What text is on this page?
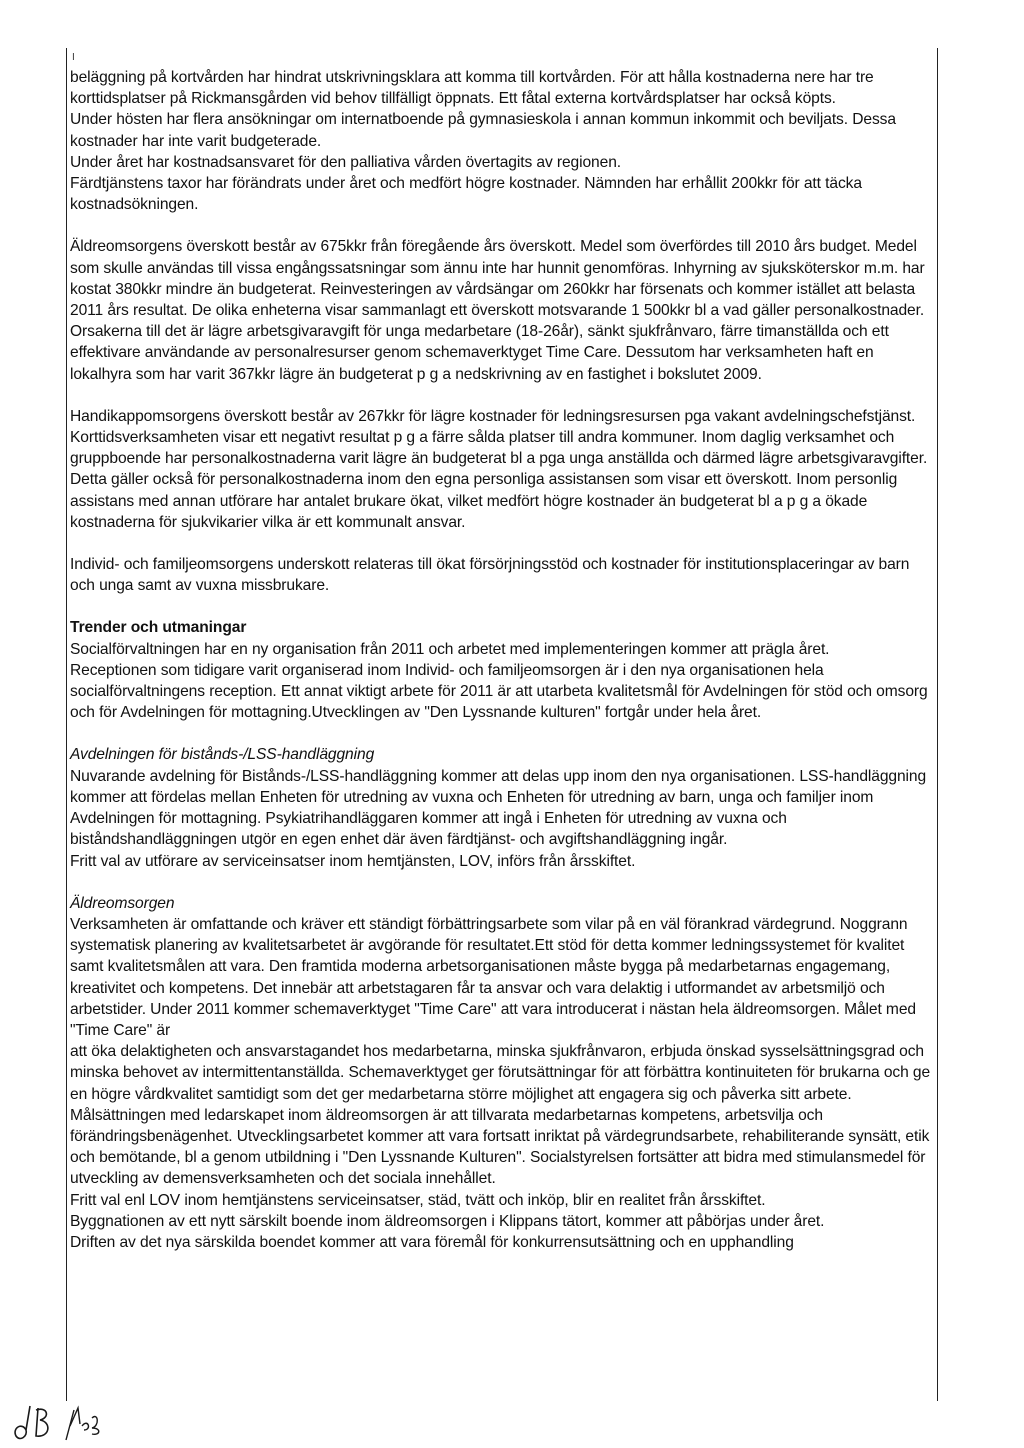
I

beläggning på kortvården har hindrat utskrivningsklara att komma till kortvården. För att hålla kostnaderna nere har tre korttidsplatser på Rickmansgården vid behov tillfälligt öppnats. Ett fåtal externa kortvårdsplatser har också köpts.

Under hösten har flera ansökningar om internatboende på gymnasieskola i annan kommun inkommit och beviljats. Dessa kostnader har inte varit budgeterade.

Under året har kostnadsansvaret för den palliativa vården övertagits av regionen.

Färdtjänstens taxor har förändrats under året och medfört högre kostnader. Nämnden har erhållit 200kkr för att täcka kostnadsökningen.

Äldreomsorgens överskott består av 675kkr från föregående års överskott. Medel som överfördes till 2010 års budget. Medel som skulle användas till vissa engångssatsningar som ännu inte har hunnit genomföras. Inhyrning av sjuksköterskor m.m. har kostat 380kkr mindre än budgeterat. Reinvesteringen av vårdsängar om 260kkr har försenats och kommer istället att belasta 2011 års resultat. De olika enheterna visar sammanlagt ett överskott motsvarande 1 500kkr bl a vad gäller personalkostnader. Orsakerna till det är lägre arbetsgivaravgift för unga medarbetare (18-26år), sänkt sjukfrånvaro, färre timanställda och ett effektivare användande av personalresurser genom schemaverktyget Time Care. Dessutom har verksamheten haft en lokalhyra som har varit 367kkr lägre än budgeterat p g a nedskrivning av en fastighet i bokslutet 2009.

Handikappomsorgens överskott består av 267kkr för lägre kostnader för ledningsresursen pga vakant avdelningschefstjänst. Korttidsverksamheten visar ett negativt resultat p g a färre sålda platser till andra kommuner. Inom daglig verksamhet och gruppboende har personalkostnaderna varit lägre än budgeterat bl a pga unga anställda och därmed lägre arbetsgivaravgifter. Detta gäller också för personalkostnaderna inom den egna personliga assistansen som visar ett överskott. Inom personlig assistans med annan utförare har antalet brukare ökat, vilket medfört högre kostnader än budgeterat bl a p g a ökade kostnaderna för sjukvikarier vilka är ett kommunalt ansvar.

Individ- och familjeomsorgens underskott relateras till ökat försörjningsstöd och kostnader för institutionsplaceringar av barn och unga samt av vuxna missbrukare.

Trender och utmaningar

Socialförvaltningen har en ny organisation från 2011 och arbetet med implementeringen kommer att prägla året.

Receptionen som tidigare varit organiserad inom Individ- och familjeomsorgen är i den nya organisationen hela socialförvaltningens reception. Ett annat viktigt arbete för 2011 är att utarbeta kvalitetsmål för Avdelningen för stöd och omsorg och för Avdelningen för mottagning.Utvecklingen av "Den Lyssnande kulturen" fortgår under hela året.

Avdelningen för bistånds-/LSS-handläggning

Nuvarande avdelning för Bistånds-/LSS-handläggning kommer att delas upp inom den nya organisationen. LSS-handläggning kommer att fördelas mellan Enheten för utredning av vuxna och Enheten för utredning av barn, unga och familjer inom Avdelningen för mottagning. Psykiatrihandläggaren kommer att ingå i Enheten för utredning av vuxna och biståndshandläggningen utgör en egen enhet där även färdtjänst- och avgiftshandläggning ingår.

Fritt val av utförare av serviceinsatser inom hemtjänsten, LOV, införs från årsskiftet.

Äldreomsorgen

Verksamheten är omfattande och kräver ett ständigt förbättringsarbete som vilar på en väl förankrad värdegrund. Noggrann systematisk planering av kvalitetsarbetet är avgörande för resultatet.Ett stöd för detta kommer ledningssystemet för kvalitet samt kvalitetsmålen att vara. Den framtida moderna arbetsorganisationen måste bygga på medarbetarnas engagemang, kreativitet och kompetens. Det innebär att arbetstagaren får ta ansvar och vara delaktig i utformandet av arbetsmiljö och arbetstider. Under 2011 kommer schemaverktyget "Time Care" att vara introducerat i nästan hela äldreomsorgen. Målet med "Time Care" är

att öka delaktigheten och ansvarstagandet hos medarbetarna, minska sjukfrånvaron, erbjuda önskad sysselsättningsgrad och minska behovet av intermittentanställda. Schemaverktyget ger förutsättningar för att förbättra kontinuiteten för brukarna och ge en högre vårdkvalitet samtidigt som det ger medarbetarna större möjlighet att engagera sig och påverka sitt arbete. Målsättningen med ledarskapet inom äldreomsorgen är att tillvarata medarbetarnas kompetens, arbetsvilja och förändringsbenägenhet. Utvecklingsarbetet kommer att vara fortsatt inriktat på värdegrundsarbete, rehabiliterande synsätt, etik och bemötande, bl a genom utbildning i "Den Lyssnande Kulturen". Socialstyrelsen fortsätter att bidra med stimulansmedel för utveckling av demensverksamheten och det sociala innehållet.

Fritt val enl LOV inom hemtjänstens serviceinsatser, städ, tvätt och inköp, blir en realitet från årsskiftet.

Byggnationen av ett nytt särskilt boende inom äldreomsorgen i Klippans tätort, kommer att påbörjas under året.

Driften av det nya särskilda boendet kommer att vara föremål för konkurrensutsättning och en upphandling
